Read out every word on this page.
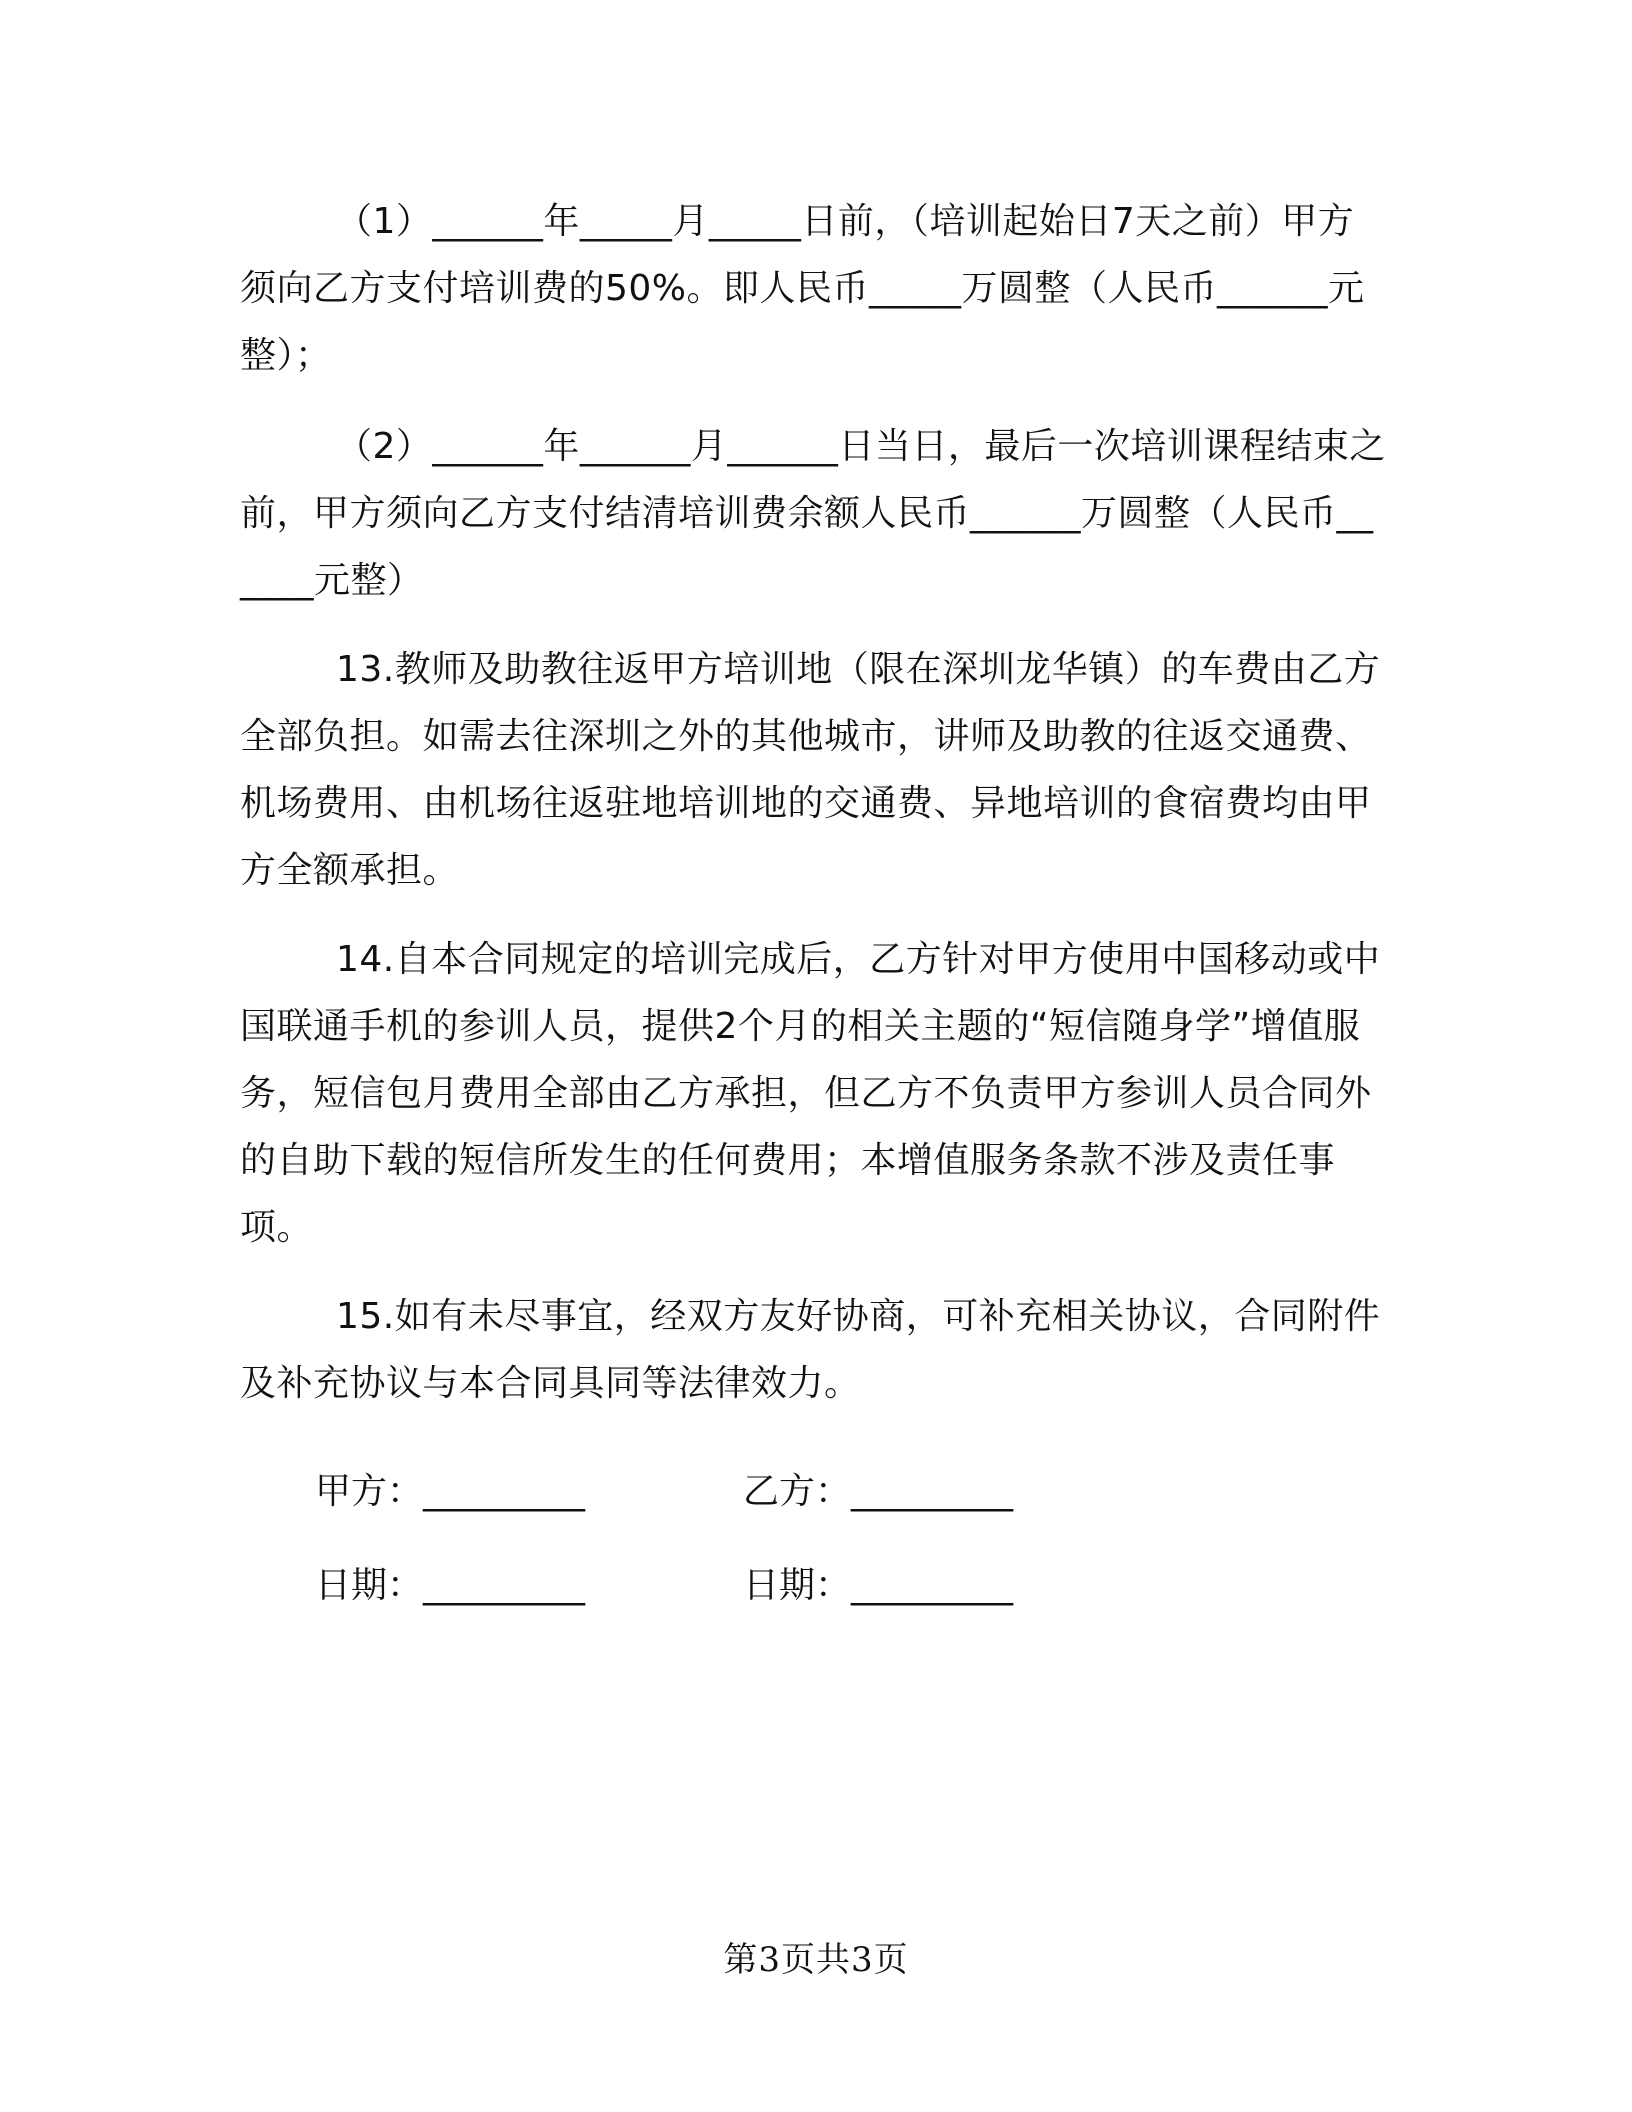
（1）______年_____月_____日前，（培训起始日7天之前）甲方须向乙方支付培训费的50%。即人民币_____万圆整（人民币______元整）；

（2）______年______月______日当日，最后一次培训课程结束之前，甲方须向乙方支付结清培训费余额人民币______万圆整（人民币______元整）

13.教师及助教往返甲方培训地（限在深圳龙华镇）的车费由乙方全部负担。如需去往深圳之外的其他城市，讲师及助教的往返交通费、机场费用、由机场往返驻地培训地的交通费、异地培训的食宿费均由甲方全额承担。

14.自本合同规定的培训完成后，乙方针对甲方使用中国移动或中国联通手机的参训人员，提供2个月的相关主题的“短信随身学”增值服务，短信包月费用全部由乙方承担，但乙方不负责甲方参训人员合同外的自助下载的短信所发生的任何费用；本增值服务条款不涉及责任事项。

15.如有未尽事宜，经双方友好协商，可补充相关协议，合同附件及补充协议与本合同具同等法律效力。

甲方：_________	乙方：_________
日期：_________	日期：_________
第3页共3页
